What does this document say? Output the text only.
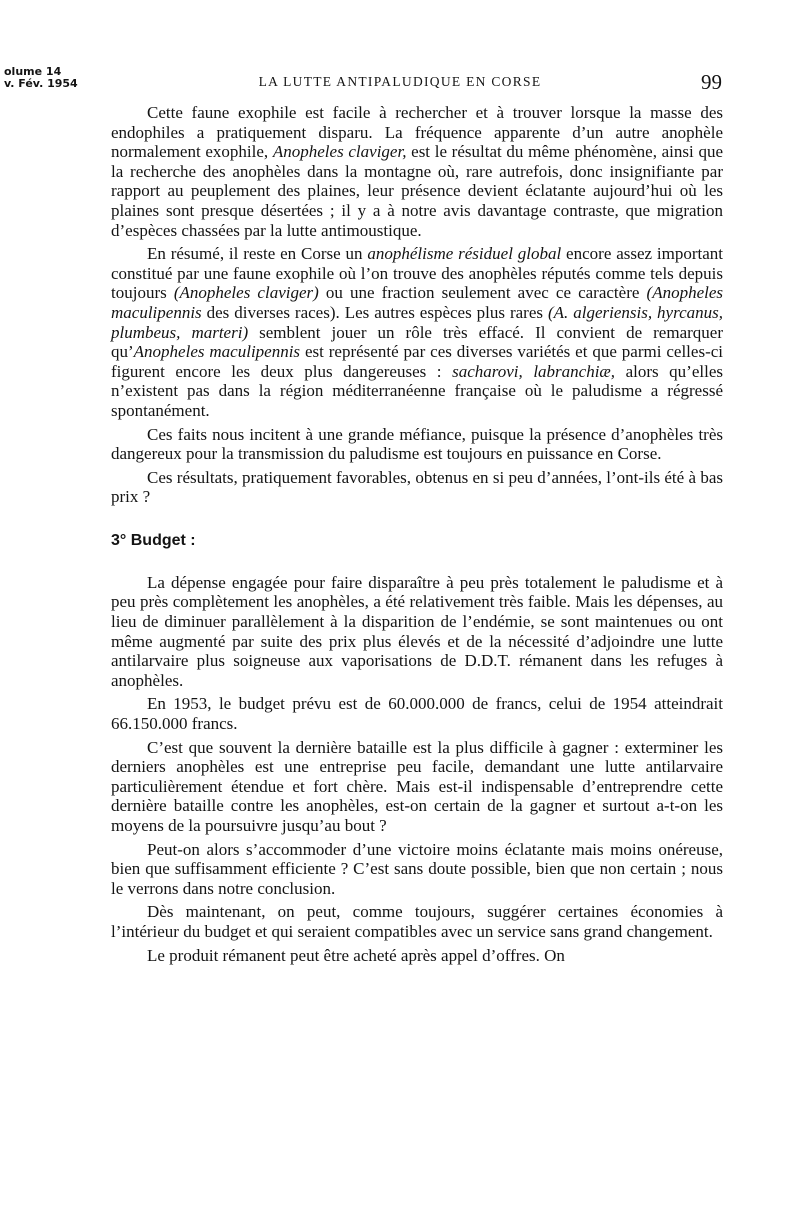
olume 14
v. Fév. 1954	LA LUTTE ANTIPALUDIQUE EN CORSE	99

Cette faune exophile est facile à rechercher et à trouver lorsque la masse des endophiles a pratiquement disparu. La fréquence apparente d’un autre anophèle normalement exophile, Anopheles claviger, est le résultat du même phénomène, ainsi que la recherche des anophèles dans la montagne où, rare autrefois, donc insignifiante par rapport au peuplement des plaines, leur présence devient éclatante aujourd’hui où les plaines sont presque désertées ; il y a à notre avis davantage contraste, que migration d’espèces chassées par la lutte antimoustique.

En résumé, il reste en Corse un anophélisme résiduel global encore assez important constitué par une faune exophile où l’on trouve des anophèles réputés comme tels depuis toujours (Anopheles claviger) ou une fraction seulement avec ce caractère (Anopheles maculipennis des diverses races). Les autres espèces plus rares (A. algeriensis, hyrcanus, plumbeus, marteri) semblent jouer un rôle très effacé. Il convient de remarquer qu’Anopheles maculipennis est représenté par ces diverses variétés et que parmi celles-ci figurent encore les deux plus dangereuses : sacharovi, labranchiæ, alors qu’elles n’existent pas dans la région méditerranéenne française où le paludisme a régressé spontanément.

Ces faits nous incitent à une grande méfiance, puisque la présence d’anophèles très dangereux pour la transmission du paludisme est toujours en puissance en Corse.

Ces résultats, pratiquement favorables, obtenus en si peu d’années, l’ont-ils été à bas prix ?

3° Budget :

La dépense engagée pour faire disparaître à peu près totalement le paludisme et à peu près complètement les anophèles, a été relativement très faible. Mais les dépenses, au lieu de diminuer parallèlement à la disparition de l’endémie, se sont maintenues ou ont même augmenté par suite des prix plus élevés et de la nécessité d’adjoindre une lutte antilarvaire plus soigneuse aux vaporisations de D.D.T. rémanent dans les refuges à anophèles.

En 1953, le budget prévu est de 60.000.000 de francs, celui de 1954 atteindrait 66.150.000 francs.

C’est que souvent la dernière bataille est la plus difficile à gagner : exterminer les derniers anophèles est une entreprise peu facile, demandant une lutte antilarvaire particulièrement étendue et fort chère. Mais est-il indispensable d’entreprendre cette dernière bataille contre les anophèles, est-on certain de la gagner et surtout a-t-on les moyens de la poursuivre jusqu’au bout ?

Peut-on alors s’accommoder d’une victoire moins éclatante mais moins onéreuse, bien que suffisamment efficiente ? C’est sans doute possible, bien que non certain ; nous le verrons dans notre conclusion.

Dès maintenant, on peut, comme toujours, suggérer certaines économies à l’intérieur du budget et qui seraient compatibles avec un service sans grand changement.

Le produit rémanent peut être acheté après appel d’offres. On
